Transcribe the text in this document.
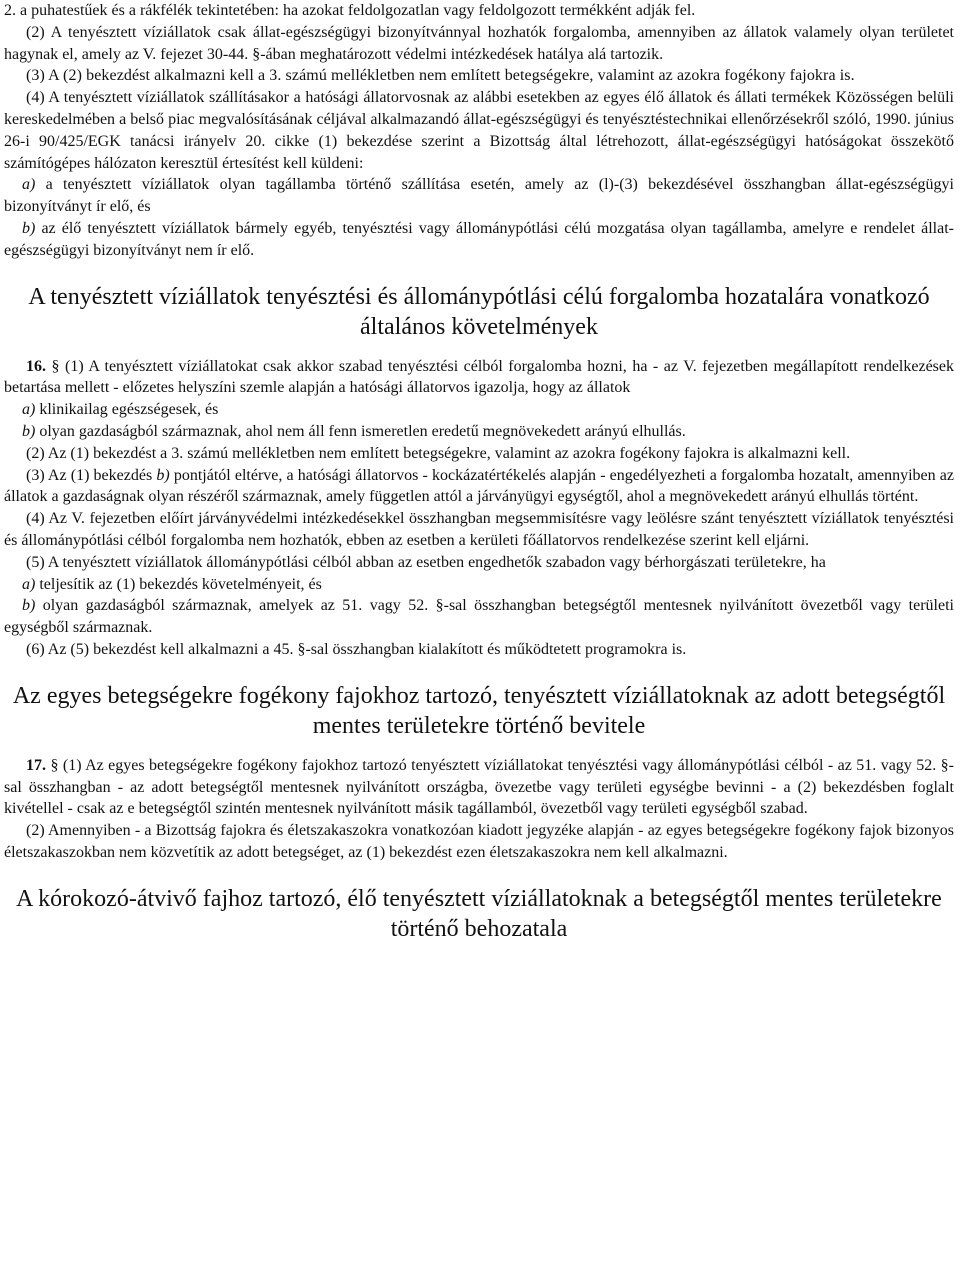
2. a puhatestűek és a rákfélék tekintetében: ha azokat feldolgozatlan vagy feldolgozott termékként adják fel.

(2) A tenyésztett víziállatok csak állat-egészségügyi bizonyítvánnyal hozhatók forgalomba, amennyiben az állatok valamely olyan területet hagynak el, amely az V. fejezet 30-44. §-ában meghatározott védelmi intézkedések hatálya alá tartozik.

(3) A (2) bekezdést alkalmazni kell a 3. számú mellékletben nem említett betegségekre, valamint az azokra fogékony fajokra is.

(4) A tenyésztett víziállatok szállításakor a hatósági állatorvosnak az alábbi esetekben az egyes élő állatok és állati termékek Közösségen belüli kereskedelmében a belső piac megvalósításának céljával alkalmazandó állat-egészségügyi és tenyésztéstechnikai ellenőrzésekről szóló, 1990. június 26-i 90/425/EGK tanácsi irányelv 20. cikke (1) bekezdése szerint a Bizottság által létrehozott, állat-egészségügyi hatóságokat összekötő számítógépes hálózaton keresztül értesítést kell küldeni:

a) a tenyésztett víziállatok olyan tagállamba történő szállítása esetén, amely az (l)-(3) bekezdésével összhangban állat-egészségügyi bizonyítványt ír elő, és

b) az élő tenyésztett víziállatok bármely egyéb, tenyésztési vagy állománypótlási célú mozgatása olyan tagállamba, amelyre e rendelet állat-egészségügyi bizonyítványt nem ír elő.

A tenyésztett víziállatok tenyésztési és állománypótlási célú forgalomba hozatalára vonatkozó általános követelmények

16. § (1) A tenyésztett víziállatokat csak akkor szabad tenyésztési célból forgalomba hozni, ha - az V. fejezetben megállapított rendelkezések betartása mellett - előzetes helyszíni szemle alapján a hatósági állatorvos igazolja, hogy az állatok

a) klinikailag egészségesek, és

b) olyan gazdaságból származnak, ahol nem áll fenn ismeretlen eredetű megnövekedett arányú elhullás.

(2) Az (1) bekezdést a 3. számú mellékletben nem említett betegségekre, valamint az azokra fogékony fajokra is alkalmazni kell.

(3) Az (1) bekezdés b) pontjától eltérve, a hatósági állatorvos - kockázatértékelés alapján - engedélyezheti a forgalomba hozatalt, amennyiben az állatok a gazdaságnak olyan részéről származnak, amely független attól a járványügyi egységtől, ahol a megnövekedett arányú elhullás történt.

(4) Az V. fejezetben előírt járványvédelmi intézkedésekkel összhangban megsemmisítésre vagy leölésre szánt tenyésztett víziállatok tenyésztési és állománypótlási célból forgalomba nem hozhatók, ebben az esetben a kerületi főállatorvos rendelkezése szerint kell eljárni.

(5) A tenyésztett víziállatok állománypótlási célból abban az esetben engedhetők szabadon vagy bérhorgászati területekre, ha

a) teljesítik az (1) bekezdés követelményeit, és

b) olyan gazdaságból származnak, amelyek az 51. vagy 52. §-sal összhangban betegségtől mentesnek nyilvánított övezetből vagy területi egységből származnak.

(6) Az (5) bekezdést kell alkalmazni a 45. §-sal összhangban kialakított és működtetett programokra is.

Az egyes betegségekre fogékony fajokhoz tartozó, tenyésztett víziállatoknak az adott betegségtől mentes területekre történő bevitele

17. § (1) Az egyes betegségekre fogékony fajokhoz tartozó tenyésztett víziállatokat tenyésztési vagy állománypótlási célból - az 51. vagy 52. §-sal összhangban - az adott betegségtől mentesnek nyilvánított országba, övezetbe vagy területi egységbe bevinni - a (2) bekezdésben foglalt kivétellel - csak az e betegségtől szintén mentesnek nyilvánított másik tagállamból, övezetből vagy területi egységből szabad.

(2) Amennyiben - a Bizottság fajokra és életszakaszokra vonatkozóan kiadott jegyzéke alapján - az egyes betegségekre fogékony fajok bizonyos életszakaszokban nem közvetítik az adott betegséget, az (1) bekezdést ezen életszakaszokra nem kell alkalmazni.

A kórokozó-átvivő fajhoz tartozó, élő tenyésztett víziállatoknak a betegségtől mentes területekre történő behozatala
